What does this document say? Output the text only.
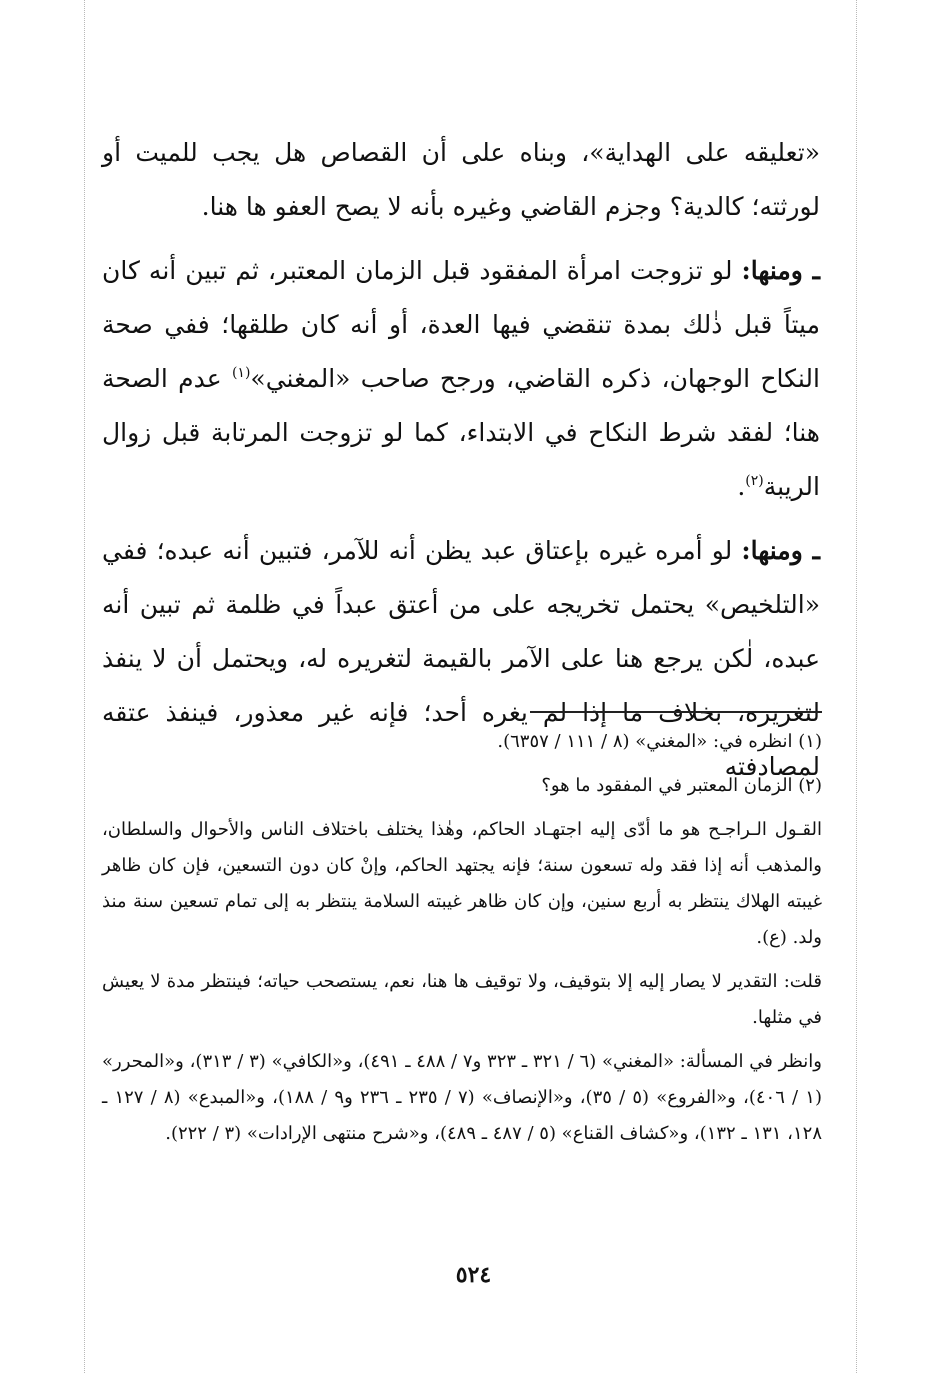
«تعليقه على الهداية»، وبناه على أن القصاص هل يجب للميت أو لورثته؛ كالدية؟ وجزم القاضي وغيره بأنه لا يصح العفو ها هنا.

ـ ومنها: لو تزوجت امرأة المفقود قبل الزمان المعتبر، ثم تبين أنه كان ميتاً قبل ذٰلك بمدة تنقضي فيها العدة، أو أنه كان طلقها؛ ففي صحة النكاح الوجهان، ذكره القاضي، ورجح صاحب «المغني»$^{(١)}$ عدم الصحة هنا؛ لفقد شرط النكاح في الابتداء، كما لو تزوجت المرتابة قبل زوال الريبة$^{(٢)}$.

ـ ومنها: لو أمره غيره بإعتاق عبد يظن أنه للآمر، فتبين أنه عبده؛ ففي «التلخيص» يحتمل تخريجه على من أعتق عبداً في ظلمة ثم تبين أنه عبده، لٰكن يرجع هنا على الآمر بالقيمة لتغريره له، ويحتمل أن لا ينفذ لتغريره، بخلاف ما إذا لم يغره أحد؛ فإنه غير معذور، فينفذ عتقه لمصادفته

(١) انظره في: «المغني» (٨ / ١١١ / ٦٣٥٧).

(٢) الزمان المعتبر في المفقود ما هو؟

القـول الـراجـح هو ما أدّى إليه اجتهـاد الحاكم، وهٰذا يختلف باختلاف الناس والأحوال والسلطان، والمذهب أنه إذا فقد وله تسعون سنة؛ فإنه يجتهد الحاكم، وإنْ كان دون التسعين، فإن كان ظاهر غيبته الهلاك ينتظر به أربع سنين، وإن كان ظاهر غيبته السلامة ينتظر به إلى تمام تسعين سنة منذ ولد. (ع).

قلت: التقدير لا يصار إليه إلا بتوقيف، ولا توقيف ها هنا، نعم، يستصحب حياته؛ فينتظر مدة لا يعيش في مثلها.

وانظر في المسألة: «المغني» (٦ / ٣٢١ ـ ٣٢٣ و٧ / ٤٨٨ ـ ٤٩١)، و«الكافي» (٣ / ٣١٣)، و«المحرر» (١ / ٤٠٦)، و«الفروع» (٥ / ٣٥)، و«الإنصاف» (٧ / ٢٣٥ ـ ٢٣٦ و٩ / ١٨٨)، و«المبدع» (٨ / ١٢٧ ـ ١٢٨، ١٣١ ـ ١٣٢)، و«كشاف القناع» (٥ / ٤٨٧ ـ ٤٨٩)، و«شرح منتهى الإرادات» (٣ / ٢٢٢).

٥٢٤
